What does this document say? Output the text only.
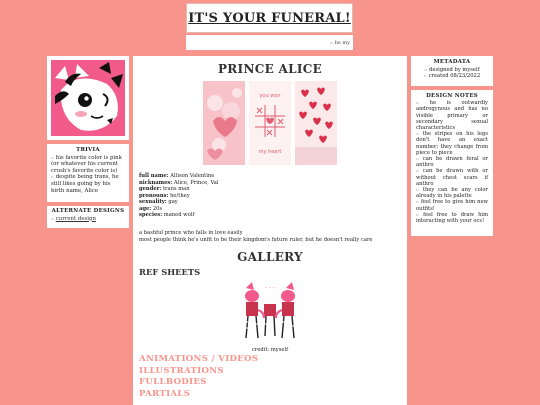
IT'S YOUR FUNERAL!
▫ be my
TRIVIA
▫ his favorite color is pink (or whatever his current crush's favorite color is)
▫ despite being trans, he still likes going by his birth name, Alice
ALTERNATE DESIGNS
▫ current design
PRINCE ALICE
you won
my heart
full name: Allison Valentine
nicknames: Alice, Prince, Val
gender: trans man
pronouns: he/they
sexuality: gay
age: 20s
species: maned wolf
a bashful prince who falls in love easily
most people think he's unfit to be their kingdom's future ruler, but he doesn't really care
GALLERY
REF SHEETS
~ ~ ~
credit: myself
ANIMATIONS / VIDEOS
ILLUSTRATIONS
FULLBODIES
PARTIALS
METADATA
▫ designed by myself
▫ created 08/23/2022
DESIGN NOTES
▫ he is outwardly androgynous and has no visible primary or secondary sexual characteristics
▫ the stripes on his legs don't have an exact number; they change from piece to piece
▫ can be drawn feral or anthro
▫ can be drawn with or without chest scars if anthro
▫ they can be any color already in his palette
▫ feel free to give him new outfits!
▫ feel free to draw him interacting with your ocs!
